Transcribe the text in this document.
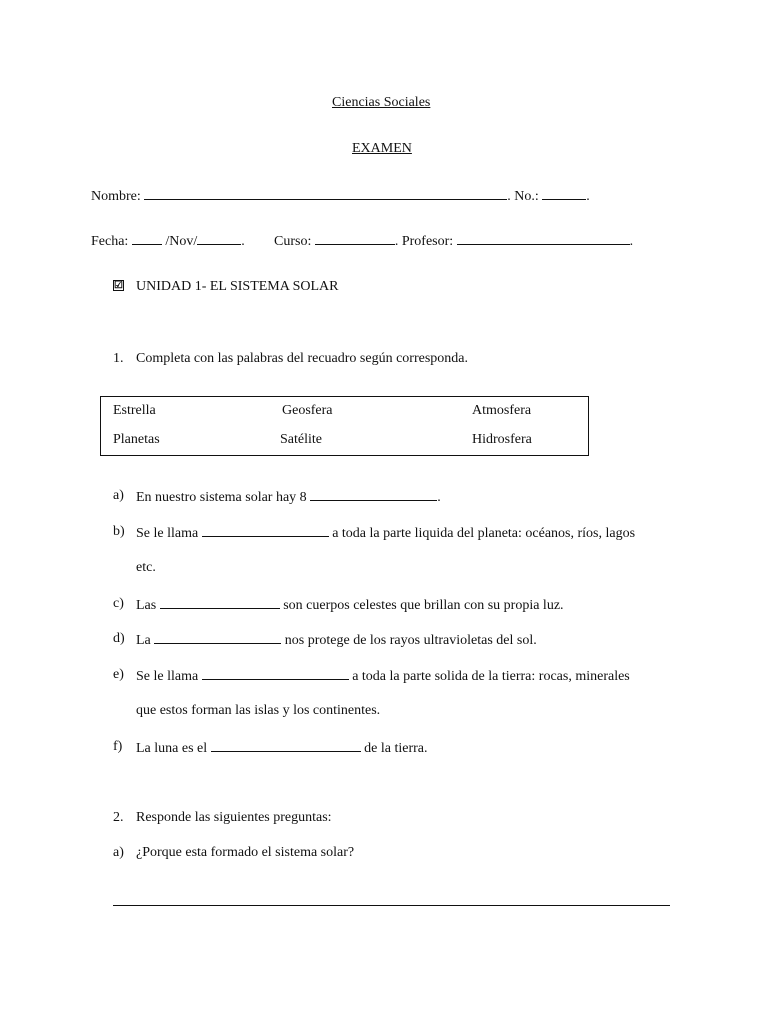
Ciencias Sociales
EXAMEN
Nombre:	. No.:	.
Fecha:	/Nov/	. Curso:	. Profesor:	.
☑ UNIDAD 1- EL SISTEMA SOLAR
1. Completa con las palabras del recuadro según corresponda.
Estrella	Geosfera	Atmosfera
Planetas	Satélite	Hidrosfera
a) En nuestro sistema solar hay 8	.
b) Se le llama	a toda la parte liquida del planeta: océanos, ríos, lagos
etc.
c) Las	son cuerpos celestes que brillan con su propia luz.
d) La	nos protege de los rayos ultravioletas del sol.
e) Se le llama	a toda la parte solida de la tierra: rocas, minerales
que estos forman las islas y los continentes.
f) La luna es el	de la tierra.
2. Responde las siguientes preguntas:
a) ¿Porque esta formado el sistema solar?
